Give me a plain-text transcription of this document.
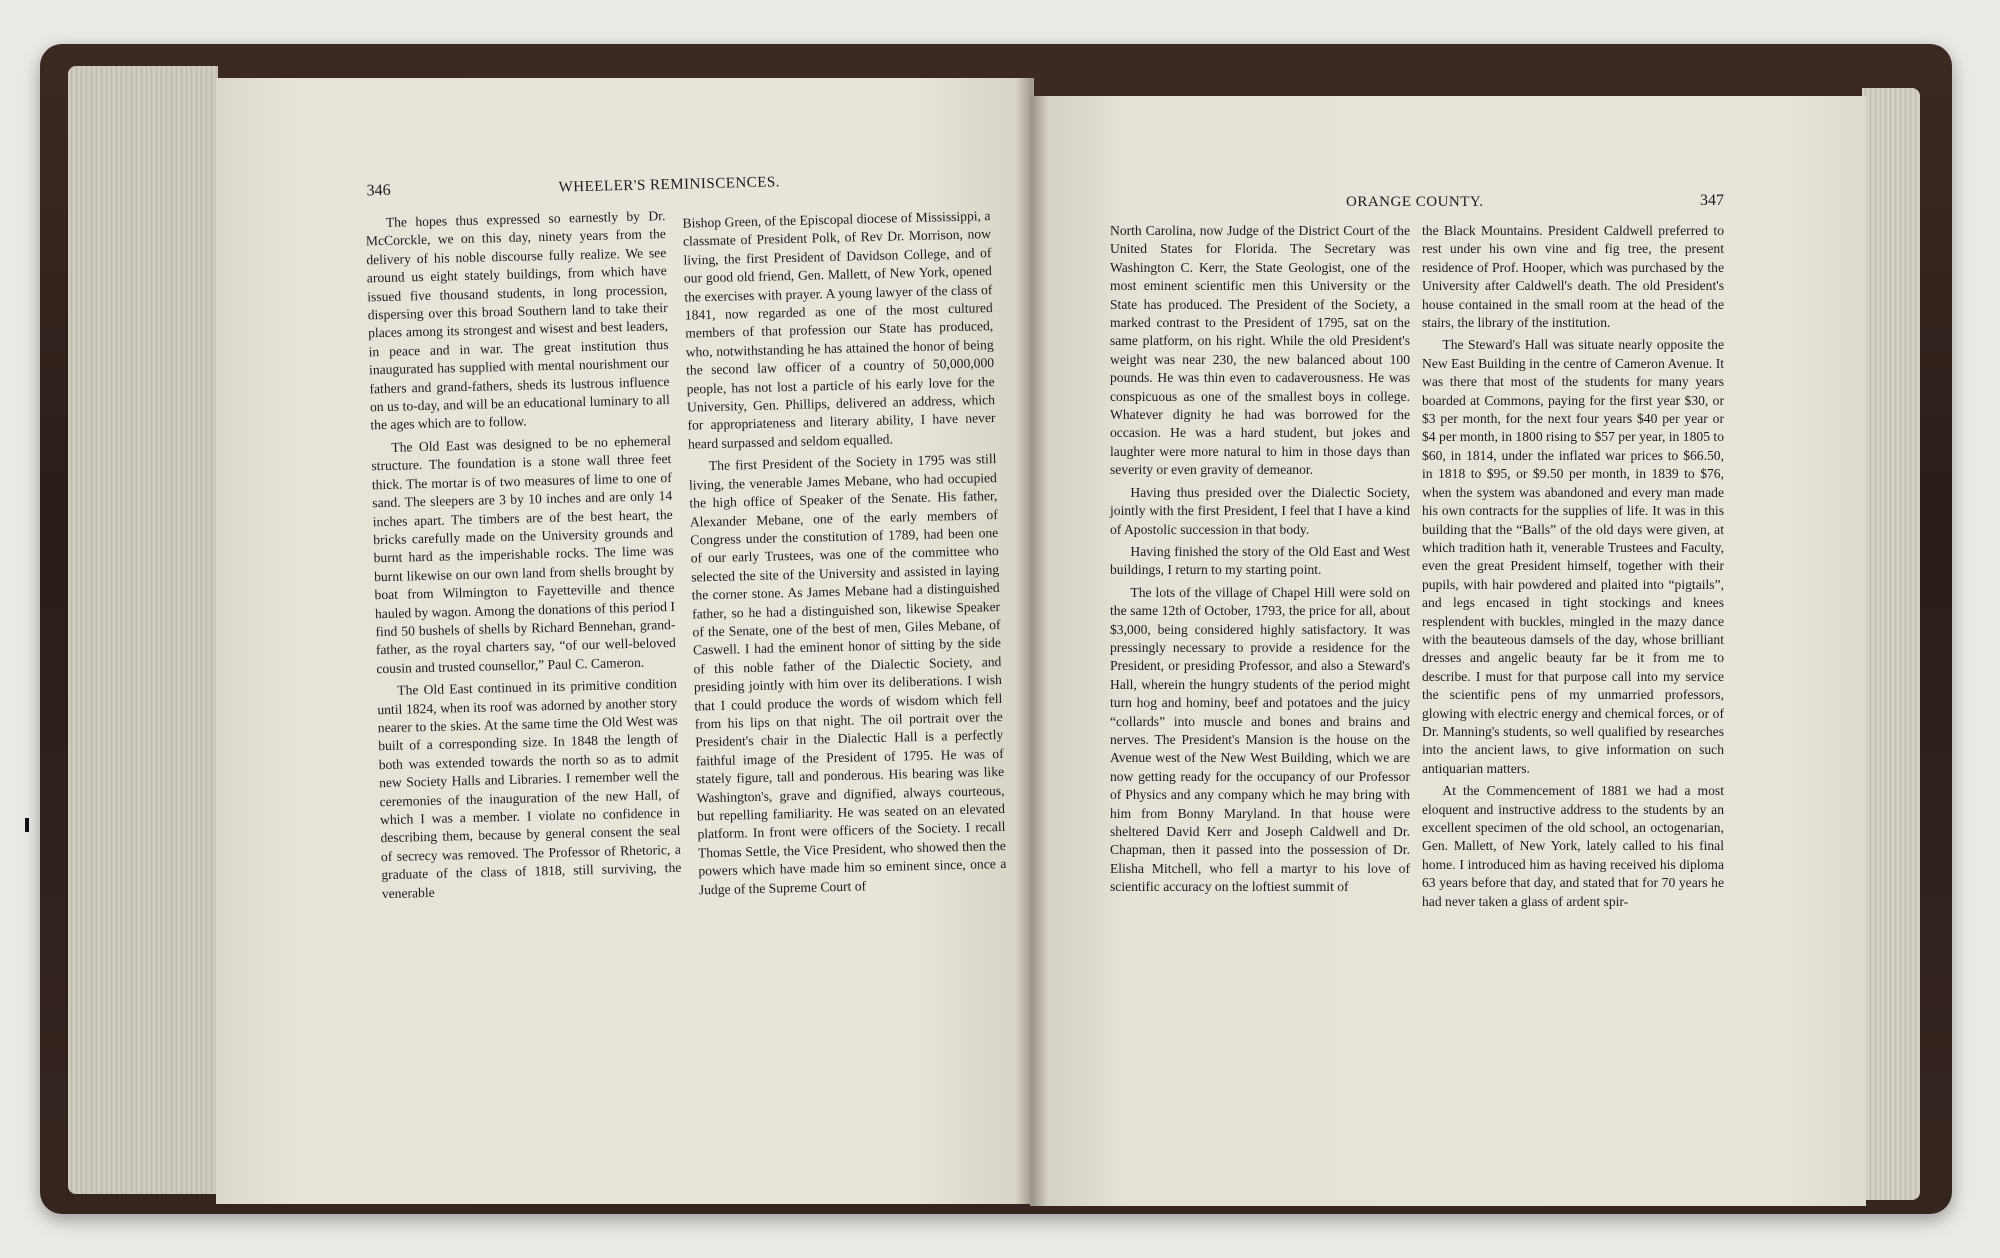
346	WHEELER'S REMINISCENCES.

The hopes thus expressed so earnestly by Dr. McCorckle, we on this day, ninety years from the delivery of his noble discourse fully realize. We see around us eight stately buildings, from which have issued five thousand students, in long procession, dispersing over this broad Southern land to take their places among its strongest and wisest and best leaders, in peace and in war. The great institution thus inaugurated has supplied with mental nourishment our fathers and grand-fathers, sheds its lustrous influence on us to-day, and will be an educational luminary to all the ages which are to follow.

The Old East was designed to be no ephemeral structure. The foundation is a stone wall three feet thick. The mortar is of two measures of lime to one of sand. The sleepers are 3 by 10 inches and are only 14 inches apart. The timbers are of the best heart, the bricks carefully made on the University grounds and burnt hard as the imperishable rocks. The lime was burnt likewise on our own land from shells brought by boat from Wilmington to Fayetteville and thence hauled by wagon. Among the donations of this period I find 50 bushels of shells by Richard Bennehan, grand-father, as the royal charters say, “of our well-beloved cousin and trusted counsellor,” Paul C. Cameron.

The Old East continued in its primitive condition until 1824, when its roof was adorned by another story nearer to the skies. At the same time the Old West was built of a corresponding size. In 1848 the length of both was extended towards the north so as to admit new Society Halls and Libraries. I remember well the ceremonies of the inauguration of the new Hall, of which I was a member. I violate no confidence in describing them, because by general consent the seal of secrecy was removed. The Professor of Rhetoric, a graduate of the class of 1818, still surviving, the venerable

Bishop Green, of the Episcopal diocese of Mississippi, a classmate of President Polk, of Rev Dr. Morrison, now living, the first President of Davidson College, and of our good old friend, Gen. Mallett, of New York, opened the exercises with prayer. A young lawyer of the class of 1841, now regarded as one of the most cultured members of that profession our State has produced, who, notwithstanding he has attained the honor of being the second law officer of a country of 50,000,000 people, has not lost a particle of his early love for the University, Gen. Phillips, delivered an address, which for appropriateness and literary ability, I have never heard surpassed and seldom equalled.

The first President of the Society in 1795 was still living, the venerable James Mebane, who had occupied the high office of Speaker of the Senate. His father, Alexander Mebane, one of the early members of Congress under the constitution of 1789, had been one of our early Trustees, was one of the committee who selected the site of the University and assisted in laying the corner stone. As James Mebane had a distinguished father, so he had a distinguished son, likewise Speaker of the Senate, one of the best of men, Giles Mebane, of Caswell. I had the eminent honor of sitting by the side of this noble father of the Dialectic Society, and presiding jointly with him over its deliberations. I wish that I could produce the words of wisdom which fell from his lips on that night. The oil portrait over the President's chair in the Dialectic Hall is a perfectly faithful image of the President of 1795. He was of stately figure, tall and ponderous. His bearing was like Washington's, grave and dignified, always courteous, but repelling familiarity. He was seated on an elevated platform. In front were officers of the Society. I recall Thomas Settle, the Vice President, who showed then the powers which have made him so eminent since, once a Judge of the Supreme Court of

ORANGE COUNTY.	347

North Carolina, now Judge of the District Court of the United States for Florida. The Secretary was Washington C. Kerr, the State Geologist, one of the most eminent scientific men this University or the State has produced. The President of the Society, a marked contrast to the President of 1795, sat on the same platform, on his right. While the old President's weight was near 230, the new balanced about 100 pounds. He was thin even to cadaverousness. He was conspicuous as one of the smallest boys in college. Whatever dignity he had was borrowed for the occasion. He was a hard student, but jokes and laughter were more natural to him in those days than severity or even gravity of demeanor.

Having thus presided over the Dialectic Society, jointly with the first President, I feel that I have a kind of Apostolic succession in that body.

Having finished the story of the Old East and West buildings, I return to my starting point.

The lots of the village of Chapel Hill were sold on the same 12th of October, 1793, the price for all, about $3,000, being considered highly satisfactory. It was pressingly necessary to provide a residence for the President, or presiding Professor, and also a Steward's Hall, wherein the hungry students of the period might turn hog and hominy, beef and potatoes and the juicy “collards” into muscle and bones and brains and nerves. The President's Mansion is the house on the Avenue west of the New West Building, which we are now getting ready for the occupancy of our Professor of Physics and any company which he may bring with him from Bonny Maryland. In that house were sheltered David Kerr and Joseph Caldwell and Dr. Chapman, then it passed into the possession of Dr. Elisha Mitchell, who fell a martyr to his love of scientific accuracy on the loftiest summit of

the Black Mountains. President Caldwell preferred to rest under his own vine and fig tree, the present residence of Prof. Hooper, which was purchased by the University after Caldwell's death. The old President's house contained in the small room at the head of the stairs, the library of the institution.

The Steward's Hall was situate nearly opposite the New East Building in the centre of Cameron Avenue. It was there that most of the students for many years boarded at Commons, paying for the first year $30, or $3 per month, for the next four years $40 per year or $4 per month, in 1800 rising to $57 per year, in 1805 to $60, in 1814, under the inflated war prices to $66.50, in 1818 to $95, or $9.50 per month, in 1839 to $76, when the system was abandoned and every man made his own contracts for the supplies of life. It was in this building that the “Balls” of the old days were given, at which tradition hath it, venerable Trustees and Faculty, even the great President himself, together with their pupils, with hair powdered and plaited into “pigtails”, and legs encased in tight stockings and knees resplendent with buckles, mingled in the mazy dance with the beauteous damsels of the day, whose brilliant dresses and angelic beauty far be it from me to describe. I must for that purpose call into my service the scientific pens of my unmarried professors, glowing with electric energy and chemical forces, or of Dr. Manning's students, so well qualified by researches into the ancient laws, to give information on such antiquarian matters.

At the Commencement of 1881 we had a most eloquent and instructive address to the students by an excellent specimen of the old school, an octogenarian, Gen. Mallett, of New York, lately called to his final home. I introduced him as having received his diploma 63 years before that day, and stated that for 70 years he had never taken a glass of ardent spir-
